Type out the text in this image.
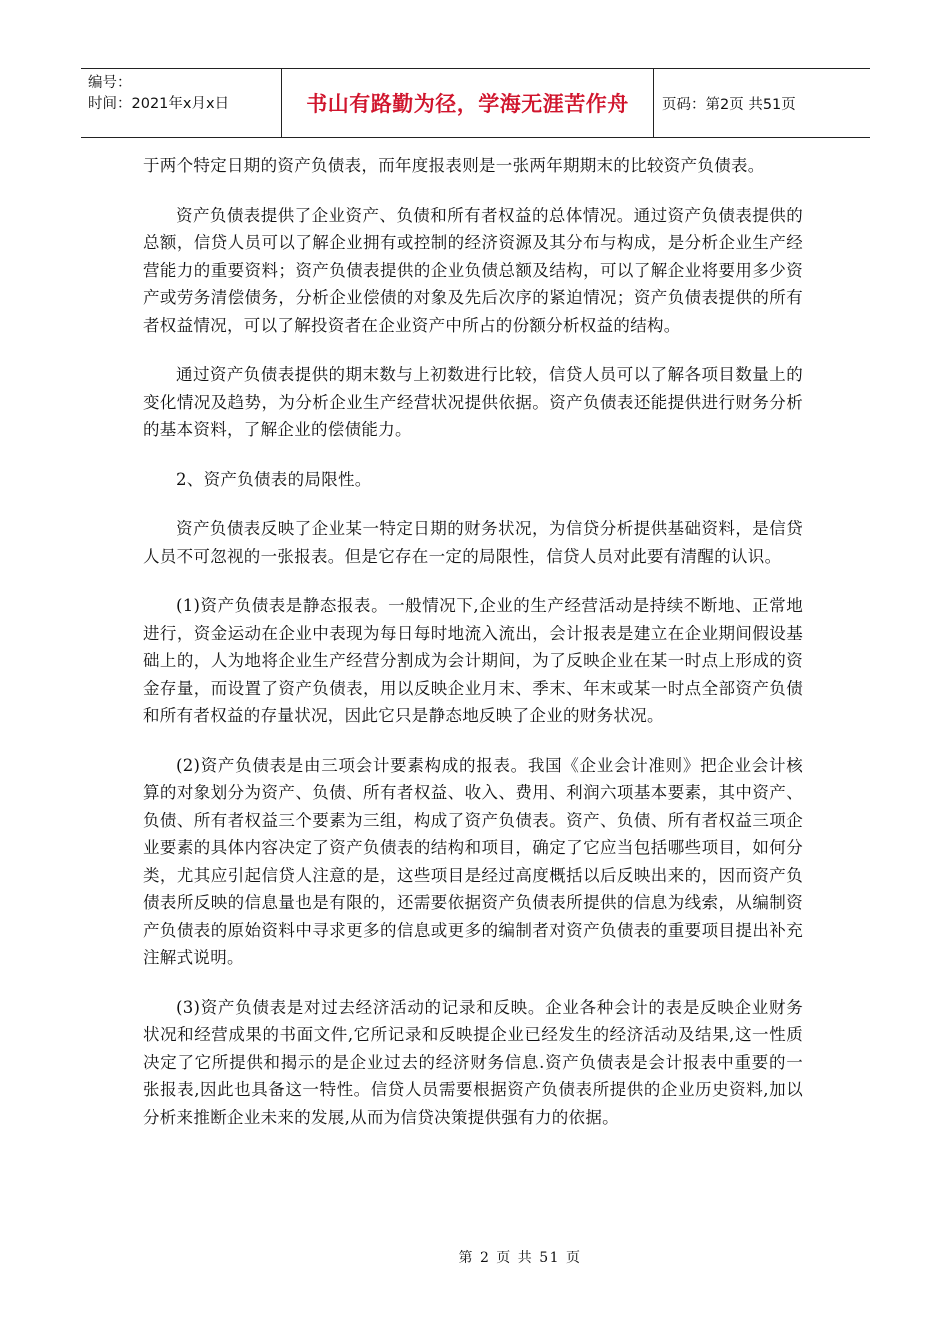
编号：
时间：2021年x月x日	书山有路勤为径，学海无涯苦作舟 页码：第2页 共51页

于两个特定日期的资产负债表，而年度报表则是一张两年期期末的比较资产负债表。

资产负债表提供了企业资产、负债和所有者权益的总体情况。通过资产负债表提供的总额，信贷人员可以了解企业拥有或控制的经济资源及其分布与构成，是分析企业生产经营能力的重要资料；资产负债表提供的企业负债总额及结构，可以了解企业将要用多少资产或劳务清偿债务，分析企业偿债的对象及先后次序的紧迫情况；资产负债表提供的所有者权益情况，可以了解投资者在企业资产中所占的份额分析权益的结构。

通过资产负债表提供的期末数与上初数进行比较，信贷人员可以了解各项目数量上的变化情况及趋势，为分析企业生产经营状况提供依据。资产负债表还能提供进行财务分析的基本资料，了解企业的偿债能力。

2、资产负债表的局限性。

资产负债表反映了企业某一特定日期的财务状况，为信贷分析提供基础资料，是信贷人员不可忽视的一张报表。但是它存在一定的局限性，信贷人员对此要有清醒的认识。

(1)资产负债表是静态报表。一般情况下,企业的生产经营活动是持续不断地、正常地进行，资金运动在企业中表现为每日每时地流入流出，会计报表是建立在企业期间假设基础上的，人为地将企业生产经营分割成为会计期间，为了反映企业在某一时点上形成的资金存量，而设置了资产负债表，用以反映企业月末、季末、年末或某一时点全部资产负债和所有者权益的存量状况，因此它只是静态地反映了企业的财务状况。

(2)资产负债表是由三项会计要素构成的报表。我国《企业会计准则》把企业会计核算的对象划分为资产、负债、所有者权益、收入、费用、利润六项基本要素，其中资产、负债、所有者权益三个要素为三组，构成了资产负债表。资产、负债、所有者权益三项企业要素的具体内容决定了资产负债表的结构和项目，确定了它应当包括哪些项目，如何分类，尤其应引起信贷人注意的是，这些项目是经过高度概括以后反映出来的，因而资产负债表所反映的信息量也是有限的，还需要依据资产负债表所提供的信息为线索，从编制资产负债表的原始资料中寻求更多的信息或更多的编制者对资产负债表的重要项目提出补充注解式说明。

(3)资产负债表是对过去经济活动的记录和反映。企业各种会计的表是反映企业财务状况和经营成果的书面文件,它所记录和反映提企业已经发生的经济活动及结果,这一性质决定了它所提供和揭示的是企业过去的经济财务信息.资产负债表是会计报表中重要的一张报表,因此也具备这一特性。信贷人员需要根据资产负债表所提供的企业历史资料,加以分析来推断企业未来的发展,从而为信贷决策提供强有力的依据。

第 2 页 共 51 页
